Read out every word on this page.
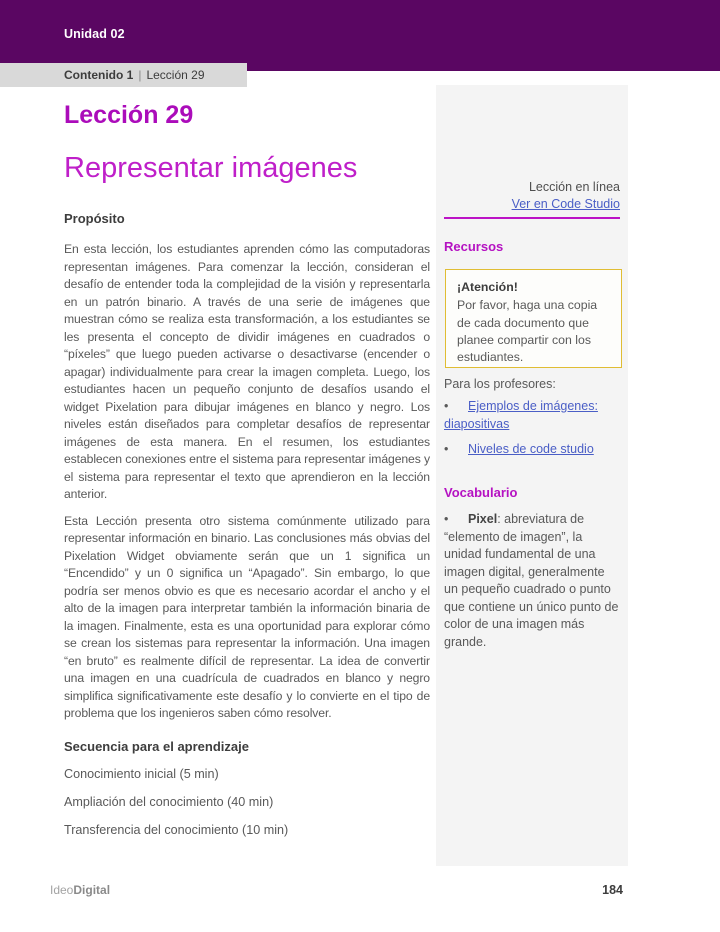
Unidad 02
Contenido 1 | Lección 29
Lección 29
Representar imágenes
Propósito

En esta lección, los estudiantes aprenden cómo las computadoras representan imágenes. Para comenzar la lección, consideran el desafío de entender toda la complejidad de la visión y representarla en un patrón binario. A través de una serie de imágenes que muestran cómo se realiza esta transformación, a los estudiantes se les presenta el concepto de dividir imágenes en cuadrados o “píxeles” que luego pueden activarse o desactivarse (encender o apagar) individualmente para crear la imagen completa. Luego, los estudiantes hacen un pequeño conjunto de desafíos usando el widget Pixelation para dibujar imágenes en blanco y negro. Los niveles están diseñados para completar desafíos de representar imágenes de esta manera. En el resumen, los estudiantes establecen conexiones entre el sistema para representar imágenes y el sistema para representar el texto que aprendieron en la lección anterior.

Esta Lección presenta otro sistema comúnmente utilizado para representar información en binario. Las conclusiones más obvias del Pixelation Widget obviamente serán que un 1 significa un “Encendido” y un 0 significa un “Apagado”. Sin embargo, lo que podría ser menos obvio es que es necesario acordar el ancho y el alto de la imagen para interpretar también la información binaria de la imagen. Finalmente, esta es una oportunidad para explorar cómo se crean los sistemas para representar la información. Una imagen “en bruto” es realmente difícil de representar. La idea de convertir una imagen en una cuadrícula de cuadrados en blanco y negro simplifica significativamente este desafío y lo convierte en el tipo de problema que los ingenieros saben cómo resolver.

Secuencia para el aprendizaje

Conocimiento inicial (5 min)

Ampliación del conocimiento (40 min)

Transferencia del conocimiento (10 min)

Lección en línea
Ver en Code Studio
Recursos
¡Atención!
Por favor, haga una copia de cada documento que planee compartir con los estudiantes.
Para los profesores:
• Ejemplos de imágenes: diapositivas
• Niveles de code studio
Vocabulario
• Pixel: abreviatura de “elemento de imagen”, la unidad fundamental de una imagen digital, generalmente un pequeño cuadrado o punto que contiene un único punto de color de una imagen más grande.
IdeoDigital	184
